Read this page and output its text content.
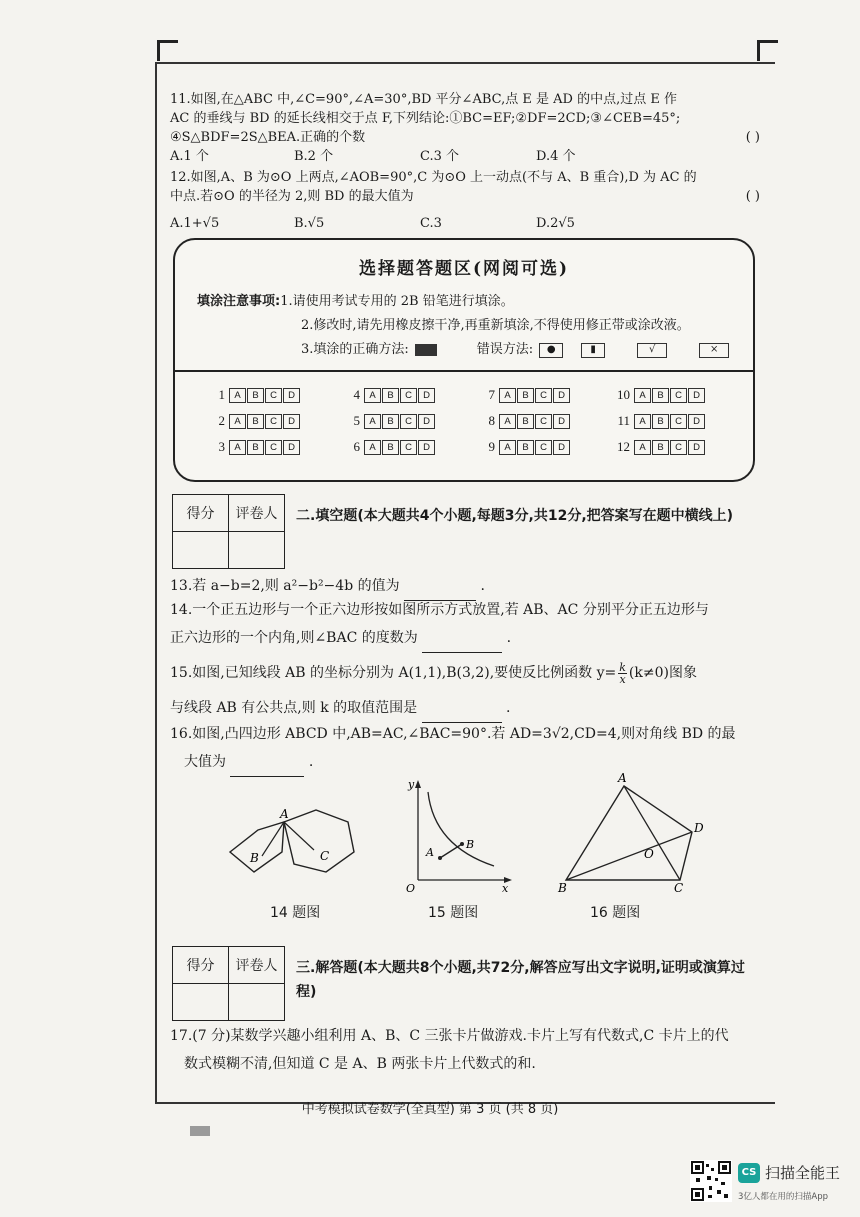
11.如图,在△ABC 中,∠C=90°,∠A=30°,BD 平分∠ABC,点 E 是 AD 的中点,过点 E 作
AC 的垂线与 BD 的延长线相交于点 F,下列结论:①BC=EF;②DF=2CD;③∠CEB=45°;
④S△BDF=2S△BEA.正确的个数	( )
A.1 个	B.2 个	C.3 个	D.4 个
12.如图,A、B 为⊙O 上两点,∠AOB=90°,C 为⊙O 上一动点(不与 A、B 重合),D 为 AC 的
中点.若⊙O 的半径为 2,则 BD 的最大值为	( )
A.1+√5	B.√5	C.3	D.2√5
选择题答题区(网阅可选)
填涂注意事项: 1.请使用考试专用的 2B 铅笔进行填涂。
2.修改时,请先用橡皮擦干净,再重新填涂,不得使用修正带或涂改液。
3.填涂的正确方法:	错误方法:	●	▮	√	×
1 A	B	C	D	4 A	B	C	D	7 A	B	C	D	10 A	B	C	D
2 A	B	C	D	5 A	B	C	D	8 A	B	C	D	11 A	B	C	D
3 A	B	C	D	6 A	B	C	D	9 A	B	C	D	12 A	B	C	D
得分	评卷人
	二.填空题(本大题共4个小题,每题3分,共12分,把答案写在题中横线上)
13.若 a−b=2,则 a²−b²−4b 的值为	.
14.一个正五边形与一个正六边形按如图所示方式放置,若 AB、AC 分别平分正五边形与
正六边形的一个内角,则∠BAC 的度数为	.
15.如图,已知线段 AB 的坐标分别为 A(1,1),B(3,2),要使反比例函数 $y= \frac{k}{x} (k\ne 0)$图象
与线段 AB 有公共点,则 k 的取值范围是	.
16.如图,凸四边形 ABCD 中,AB=AC,∠BAC=90°.若 AD=3√2,CD=4,则对角线 BD 的最
大值为	.
A
B	C
14 题图
y
x
O
A
B
15 题图
A
B	C
D
O
16 题图
得分	评卷人
	三.解答题(本大题共8个小题,共72分,解答应写出文字说明,证明或演算过程)
17.(7 分)某数学兴趣小组利用 A、B、C 三张卡片做游戏.卡片上写有代数式,C 卡片上的代
数式模糊不清,但知道 C 是 A、B 两张卡片上代数式的和.
中考模拟试卷数学(全真型) 第 3 页 (共 8 页)
CS 扫描全能王
3亿人都在用的扫描App
